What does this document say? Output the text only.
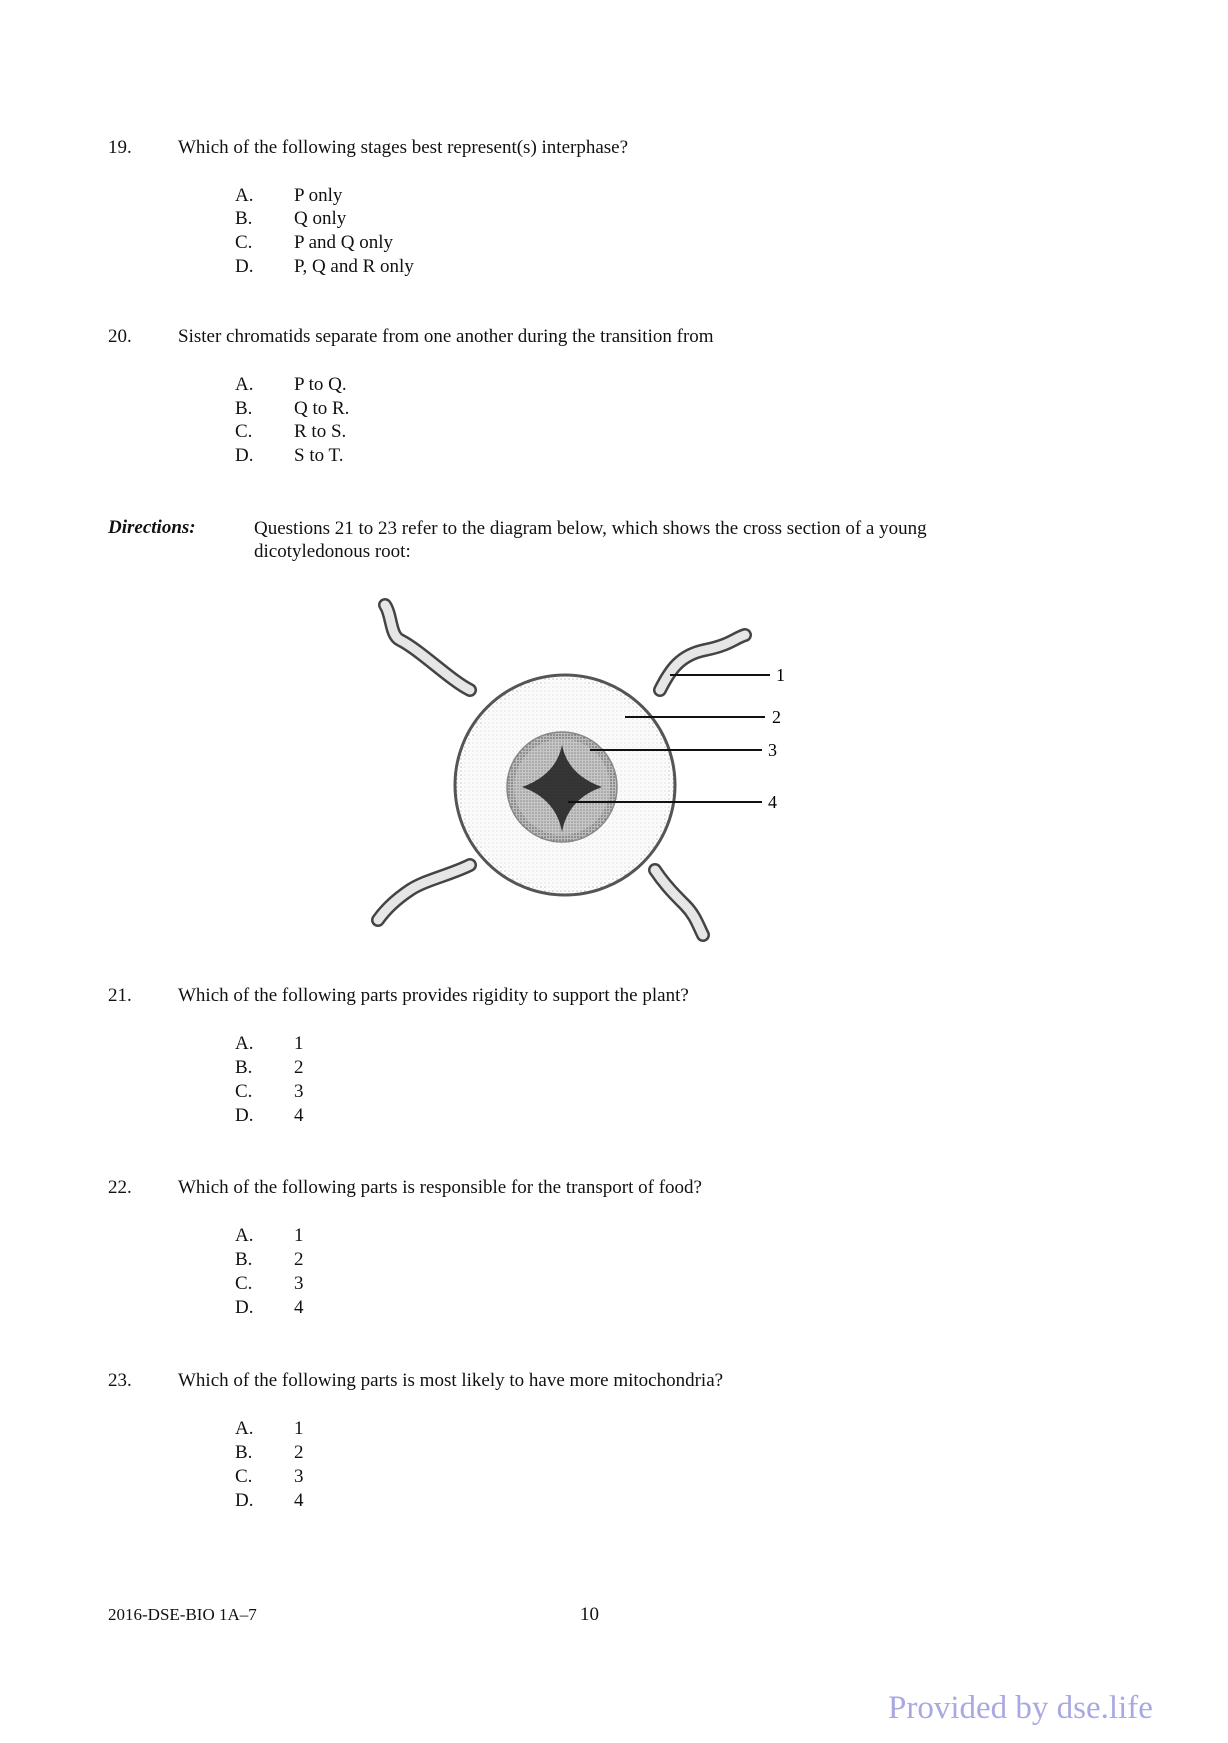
19. Which of the following stages best represent(s) interphase?
A. P only
B. Q only
C. P and Q only
D. P, Q and R only
20. Sister chromatids separate from one another during the transition from
A. P to Q.
B. Q to R.
C. R to S.
D. S to T.
Directions:	Questions 21 to 23 refer to the diagram below, which shows the cross section of a young
dicotyledonous root:
1
2
3
4
21. Which of the following parts provides rigidity to support the plant?
A. 1
B. 2
C. 3
D. 4
22. Which of the following parts is responsible for the transport of food?
A. 1
B. 2
C. 3
D. 4
23. Which of the following parts is most likely to have more mitochondria?
A. 1
B. 2
C. 3
D. 4
2016-DSE-BIO 1A–7	10
Provided by dse.life
